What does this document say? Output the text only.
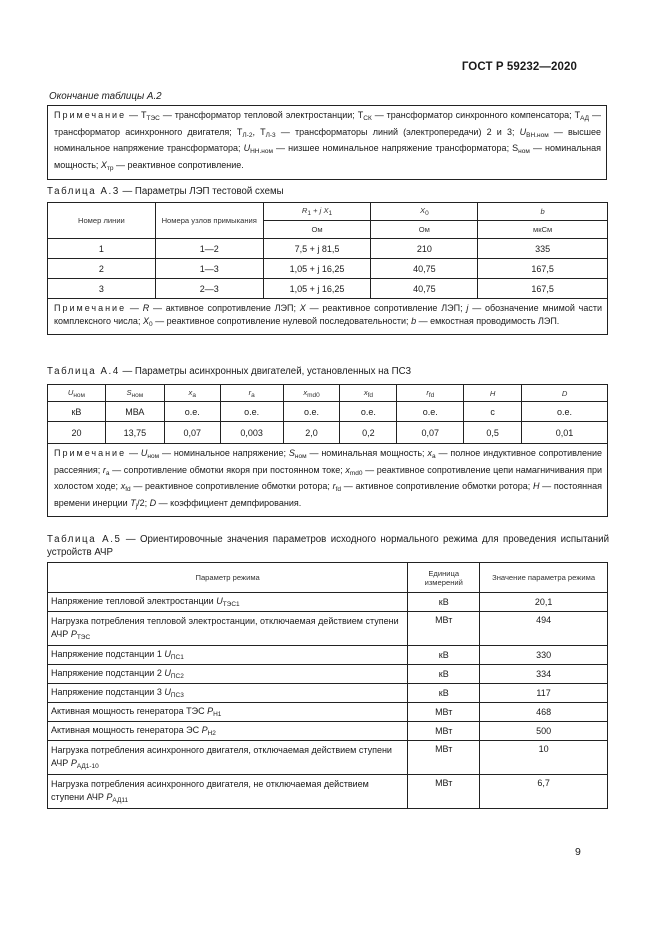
ГОСТ Р 59232—2020
Окончание таблицы А.2
Примечание — $Т_{ТЭС}$ — трансформатор тепловой электростанции; $Т_{СК}$ — трансформатор синхронного компенсатора; $Т_{АД}$ — трансформатор асинхронного двигателя; $Т_{Л-2}$, $Т_{Л-3}$ — трансформаторы линий (электропередачи) 2 и 3; $U_{ВН.ном}$ — высшее номинальное напряжение трансформатора; $U_{НН.ном}$ — низшее номинальное напряжение трансформатора; $S_{ном}$ — номинальная мощность; $X_{тр}$ — реактивное сопротивление.
Таблица А.3 — Параметры ЛЭП тестовой схемы
Номер линии	Номера узлов примыкания	$R_1 + j$ $X_1$	$X_0$	b
		Ом	Ом	мкСм
1	1—2	7,5 + j 81,5	210	335
2	1—3	1,05 + j 16,25	40,75	167,5
3	2—3	1,05 + j 16,25	40,75	167,5
Примечание — R — активное сопротивление ЛЭП; X — реактивное сопротивление ЛЭП; j — обозначение мнимой части комплексного числа; $X_0$ — реактивное сопротивление нулевой последовательности; b — емкостная проводимость ЛЭП.				
Таблица А.4 — Параметры асинхронных двигателей, установленных на ПС3
$U_{ном}$	$S_{ном}$	$x_a$	$r_a$	$x_{md0}$	$x_{fd}$	$r_{fd}$	H	D
кВ	МВА	о.е.	о.е.	о.е.	о.е.	о.е.	с	о.е.
20	13,75	0,07	0,003	2,0	0,2	0,07	0,5	0,01
Примечание — $U_{ном}$ — номинальное напряжение; $S_{ном}$ — номинальная мощность; $x_a$ — полное индуктивное сопротивление рассеяния; $r_a$ — сопротивление обмотки якоря при постоянном токе; $x_{md0}$ — реактивное сопротивление цепи намагничивания при холостом ходе; $x_{fd}$ — реактивное сопротивление обмотки ротора; $r_{fd}$ — активное сопротивление обмотки ротора; H — постоянная времени инерции $T_j/2$; D — коэффициент демпфирования.								
Таблица А.5 — Ориентировочные значения параметров исходного нормального режима для проведения испытаний устройств АЧР
Параметр режима	Единица измерений	Значение параметра режима
Напряжение тепловой электростанции $U_{ТЭС1}$	кВ	20,1
Нагрузка потребления тепловой электростанции, отключаемая действием ступени АЧР $P_{ТЭС}$	МВт	494
Напряжение подстанции 1 $U_{ПС1}$	кВ	330
Напряжение подстанции 2 $U_{ПС2}$	кВ	334
Напряжение подстанции 3 $U_{ПС3}$	кВ	117
Активная мощность генератора ТЭС $P_{Н1}$	МВт	468
Активная мощность генератора ЭС $P_{Н2}$	МВт	500
Нагрузка потребления асинхронного двигателя, отключаемая действием ступени АЧР $P_{АД1-10}$	МВт	10
Нагрузка потребления асинхронного двигателя, не отключаемая действием ступени АЧР $P_{АД11}$	МВт	6,7
9
